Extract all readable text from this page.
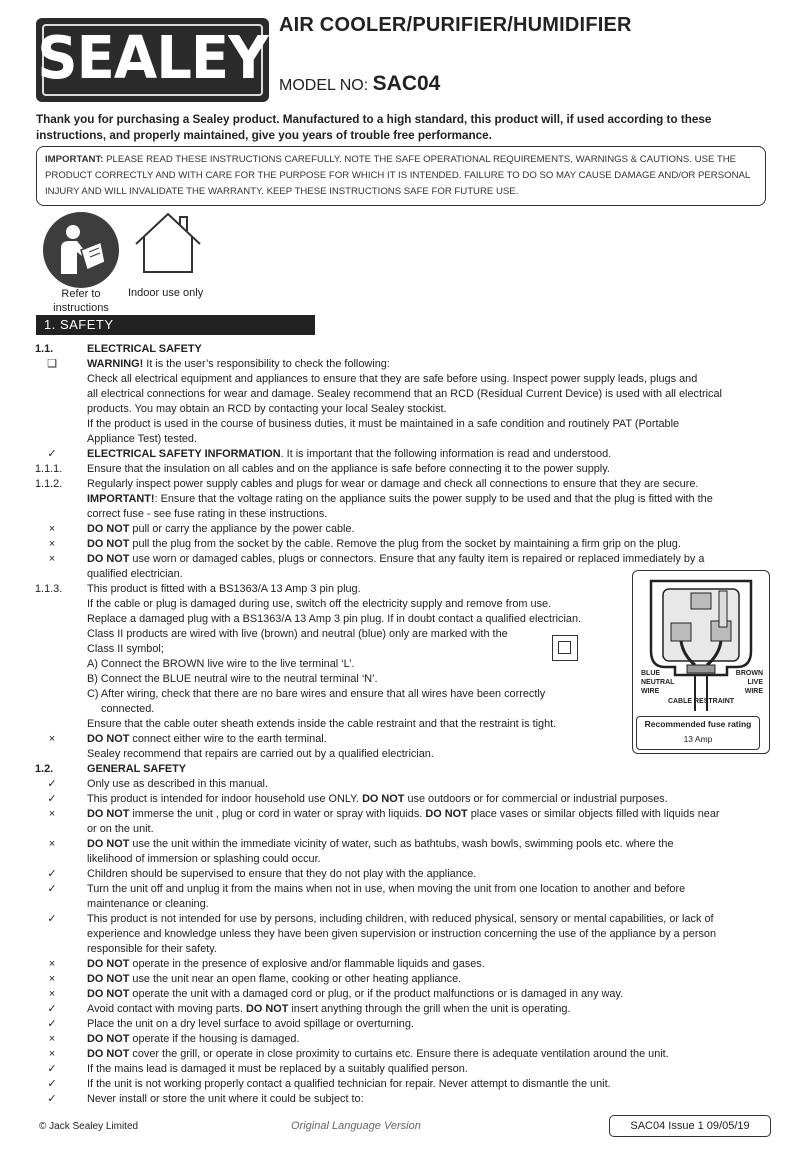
SEALEY AIR COOLER/PURIFIER/HUMIDIFIER
MODEL NO: SAC04
Thank you for purchasing a Sealey product. Manufactured to a high standard, this product will, if used according to these instructions, and properly maintained, give you years of trouble free performance.
IMPORTANT: PLEASE READ THESE INSTRUCTIONS CAREFULLY. NOTE THE SAFE OPERATIONAL REQUIREMENTS, WARNINGS & CAUTIONS. USE THE PRODUCT CORRECTLY AND WITH CARE FOR THE PURPOSE FOR WHICH IT IS INTENDED. FAILURE TO DO SO MAY CAUSE DAMAGE AND/OR PERSONAL INJURY AND WILL INVALIDATE THE WARRANTY. KEEP THESE INSTRUCTIONS SAFE FOR FUTURE USE.
Refer to instructions
Indoor use only
1. SAFETY
1.1.	ELECTRICAL SAFETY
❑	WARNING! It is the user’s responsibility to check the following:
Check all electrical equipment and appliances to ensure that they are safe before using. Inspect power supply leads, plugs and
all electrical connections for wear and damage. Sealey recommend that an RCD (Residual Current Device) is used with all electrical
products. You may obtain an RCD by contacting your local Sealey stockist.
If the product is used in the course of business duties, it must be maintained in a safe condition and routinely PAT (Portable
Appliance Test) tested.
✓	ELECTRICAL SAFETY INFORMATION. It is important that the following information is read and understood.
1.1.1. Ensure that the insulation on all cables and on the appliance is safe before connecting it to the power supply.
1.1.2. Regularly inspect power supply cables and plugs for wear or damage and check all connections to ensure that they are secure.
IMPORTANT!: Ensure that the voltage rating on the appliance suits the power supply to be used and that the plug is fitted with the
correct fuse - see fuse rating in these instructions.
×	DO NOT pull or carry the appliance by the power cable.
×	DO NOT pull the plug from the socket by the cable. Remove the plug from the socket by maintaining a firm grip on the plug.
×	DO NOT use worn or damaged cables, plugs or connectors. Ensure that any faulty item is repaired or replaced immediately by a
qualified electrician.
1.1.3. This product is fitted with a BS1363/A 13 Amp 3 pin plug.
If the cable or plug is damaged during use, switch off the electricity supply and remove from use.
Replace a damaged plug with a BS1363/A 13 Amp 3 pin plug. If in doubt contact a qualified electrician.
Class II products are wired with live (brown) and neutral (blue) only are marked with the
Class II symbol;
A) Connect the BROWN live wire to the live terminal ‘L’.
B) Connect the BLUE neutral wire to the neutral terminal ‘N’.
C) After wiring, check that there are no bare wires and ensure that all wires have been correctly
connected.
Ensure that the cable outer sheath extends inside the cable restraint and that the restraint is tight.
×	DO NOT connect either wire to the earth terminal.
Sealey recommend that repairs are carried out by a qualified electrician.
1.2.	GENERAL SAFETY
✓	Only use as described in this manual.
✓	This product is intended for indoor household use ONLY. DO NOT use outdoors or for commercial or industrial purposes.
×	DO NOT immerse the unit , plug or cord in water or spray with liquids. DO NOT place vases or similar objects filled with liquids near
or on the unit.
×	DO NOT use the unit within the immediate vicinity of water, such as bathtubs, wash bowls, swimming pools etc. where the
likelihood of immersion or splashing could occur.
✓	Children should be supervised to ensure that they do not play with the appliance.
✓	Turn the unit off and unplug it from the mains when not in use, when moving the unit from one location to another and before
maintenance or cleaning.
✓	This product is not intended for use by persons, including children, with reduced physical, sensory or mental capabilities, or lack of
experience and knowledge unless they have been given supervision or instruction concerning the use of the appliance by a person
responsible for their safety.
×	DO NOT operate in the presence of explosive and/or flammable liquids and gases.
×	DO NOT use the unit near an open flame, cooking or other heating appliance.
×	DO NOT operate the unit with a damaged cord or plug, or if the product malfunctions or is damaged in any way.
✓	Avoid contact with moving parts. DO NOT insert anything through the grill when the unit is operating.
✓	Place the unit on a dry level surface to avoid spillage or overturning.
×	DO NOT operate if the housing is damaged.
×	DO NOT cover the grill, or operate in close proximity to curtains etc. Ensure there is adequate ventilation around the unit.
✓	If the mains lead is damaged it must be replaced by a suitably qualified person.
✓	If the unit is not working properly contact a qualified technician for repair. Never attempt to dismantle the unit.
✓	Never install or store the unit where it could be subject to:
BLUE NEUTRAL WIRE
BROWN LIVE WIRE
CABLE RESTRAINT
Recommended fuse rating
13 Amp
© Jack Sealey Limited	Original Language Version	SAC04 Issue 1 09/05/19
